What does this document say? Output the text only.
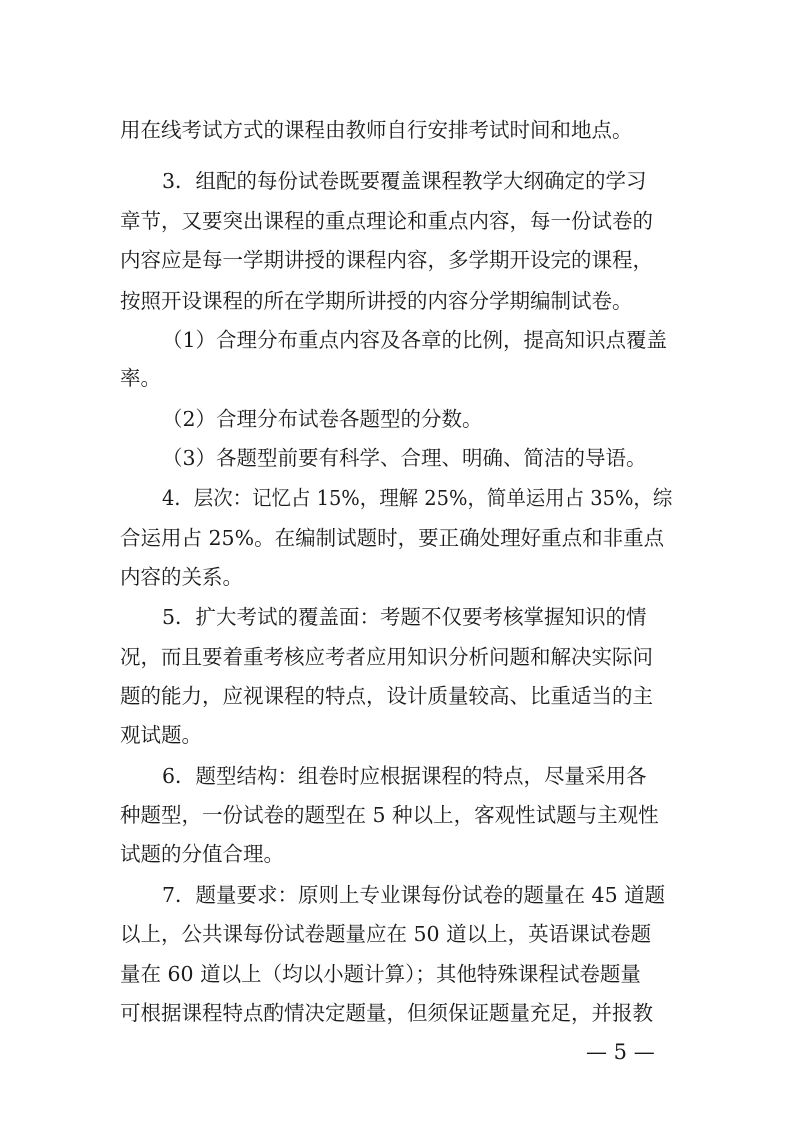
用在线考试方式的课程由教师自行安排考试时间和地点。
3．组配的每份试卷既要覆盖课程教学大纲确定的学习
章节，又要突出课程的重点理论和重点内容，每一份试卷的
内容应是每一学期讲授的课程内容，多学期开设完的课程，
按照开设课程的所在学期所讲授的内容分学期编制试卷。
（1）合理分布重点内容及各章的比例，提高知识点覆盖
率。
（2）合理分布试卷各题型的分数。
（3）各题型前要有科学、合理、明确、简洁的导语。
4．层次：记忆占 15%，理解 25%，简单运用占 35%，综
合运用占 25%。在编制试题时，要正确处理好重点和非重点
内容的关系。
5．扩大考试的覆盖面：考题不仅要考核掌握知识的情
况，而且要着重考核应考者应用知识分析问题和解决实际问
题的能力，应视课程的特点，设计质量较高、比重适当的主
观试题。
6．题型结构：组卷时应根据课程的特点，尽量采用各
种题型，一份试卷的题型在 5 种以上，客观性试题与主观性
试题的分值合理。
7．题量要求：原则上专业课每份试卷的题量在 45 道题
以上，公共课每份试卷题量应在 50 道以上，英语课试卷题
量在 60 道以上（均以小题计算）；其他特殊课程试卷题量
可根据课程特点酌情决定题量，但须保证题量充足，并报教
— 5 —
